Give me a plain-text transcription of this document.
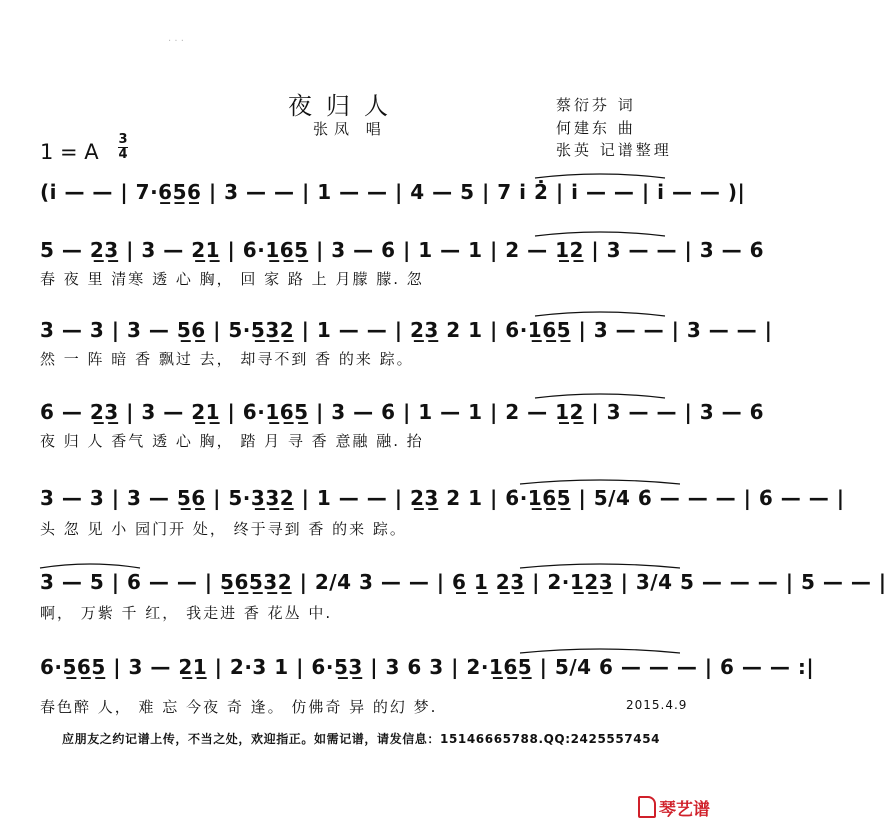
· · ·
夜归人
张凤 唱
蔡衍芬 词
何建东 曲
张英 记谱整理
1 = A
3
4
(i̇ — — | 7·6̲5̲6̲ | 3 — — | 1 — — | 4 — 5 | 7 i̇ 2̇ | i̇ — — | i̇ — — )|
5 — 2̲3̲ | 3 — 2̲1̲ | 6̇·1̲6̲5̲ | 3 — 6̇ | 1 — 1 | 2 — 1̲2̲ | 3 — — | 3 — 6̇
春 夜 里 清寒 透 心 胸， 回 家 路 上 月朦 朦. 忽
3 — 3 | 3 — 5̲6̲ | 5·5̲3̲2̲ | 1 — — | 2̲3̲ 2 1 | 6̇·1̲6̲5̲ | 3 — — | 3 — — |
然 一 阵 暗 香 飘过 去， 却寻不到 香 的来 踪。
6̇ — 2̲3̲ | 3 — 2̲1̲ | 6̇·1̲6̲5̲ | 3 — 6̇ | 1 — 1 | 2 — 1̲2̲ | 3 — — | 3 — 6̇
夜 归 人 香气 透 心 胸， 踏 月 寻 香 意融 融. 抬
3 — 3 | 3 — 5̲6̲ | 5·3̲3̲2̲ | 1 — — | 2̲3̲ 2 1 | 6̇·1̲6̲5̲ | 5/4 6̇ — — — | 6̇ — — |
头 忽 见 小 园门开 处， 终于寻到 香 的来 踪。
3 — 5 | 6 — — | 5̲6̲5̲3̲2̲ | 2/4 3 — — | 6̲ 1̲ 2̲3̲ | 2·1̲2̲3̲ | 3/4 5 — — — | 5 — — |
啊， 万紫 千 红， 我走进 香 花丛 中.
6·5̲6̲5̲ | 3 — 2̲1̲ | 2·3 1 | 6̇·5̲3̲ | 3 6 3 | 2·1̲6̲5̲ | 5/4 6̇ — — — | 6̇ — — :|
春色醉 人， 难 忘 今夜 奇 逢。 仿佛奇 异 的幻 梦.	2015.4.9
应朋友之约记谱上传，不当之处，欢迎指正。如需记谱，请发信息：15146665788.QQ:2425557454
琴艺谱
